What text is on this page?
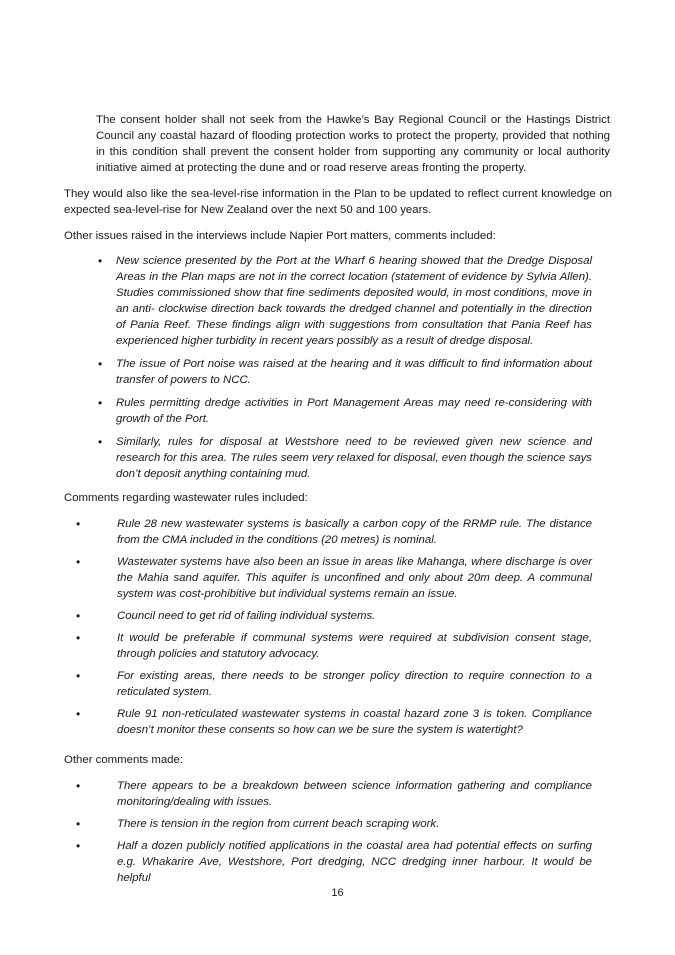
The consent holder shall not seek from the Hawke’s Bay Regional Council or the Hastings District Council any coastal hazard of flooding protection works to protect the property, provided that nothing in this condition shall prevent the consent holder from supporting any community or local authority initiative aimed at protecting the dune and or road reserve areas fronting the property.

They would also like the sea-level-rise information in the Plan to be updated to reflect current knowledge on expected sea-level-rise for New Zealand over the next 50 and 100 years.

Other issues raised in the interviews include Napier Port matters, comments included:

• New science presented by the Port at the Wharf 6 hearing showed that the Dredge Disposal Areas in the Plan maps are not in the correct location (statement of evidence by Sylvia Allen). Studies commissioned show that fine sediments deposited would, in most conditions, move in an anti- clockwise direction back towards the dredged channel and potentially in the direction of Pania Reef. These findings align with suggestions from consultation that Pania Reef has experienced higher turbidity in recent years possibly as a result of dredge disposal.
• The issue of Port noise was raised at the hearing and it was difficult to find information about transfer of powers to NCC.
• Rules permitting dredge activities in Port Management Areas may need re-considering with growth of the Port.
• Similarly, rules for disposal at Westshore need to be reviewed given new science and research for this area. The rules seem very relaxed for disposal, even though the science says don’t deposit anything containing mud.

Comments regarding wastewater rules included:

•	Rule 28 new wastewater systems is basically a carbon copy of the RRMP rule. The distance from the CMA included in the conditions (20 metres) is nominal.
•	Wastewater systems have also been an issue in areas like Mahanga, where discharge is over the Mahia sand aquifer. This aquifer is unconfined and only about 20m deep. A communal system was cost-prohibitive but individual systems remain an issue.
•	Council need to get rid of failing individual systems.
•	It would be preferable if communal systems were required at subdivision consent stage, through policies and statutory advocacy.
•	For existing areas, there needs to be stronger policy direction to require connection to a reticulated system.
•	Rule 91 non-reticulated wastewater systems in coastal hazard zone 3 is token. Compliance doesn’t monitor these consents so how can we be sure the system is watertight?

Other comments made:

•	There appears to be a breakdown between science information gathering and compliance monitoring/dealing with issues.
•	There is tension in the region from current beach scraping work.
•	Half a dozen publicly notified applications in the coastal area had potential effects on surfing e.g. Whakarire Ave, Westshore, Port dredging, NCC dredging inner harbour. It would be helpful
16
